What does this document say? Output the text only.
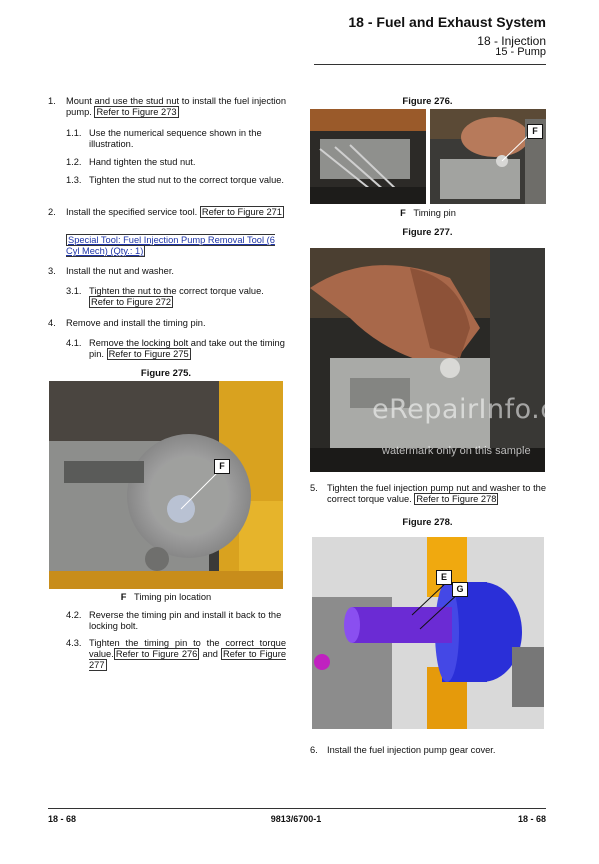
18 - Fuel and Exhaust System
18 - Injection
15 - Pump
1. Mount and use the stud nut to install the fuel injection pump. Refer to Figure 273
1.1. Use the numerical sequence shown in the illustration.
1.2. Hand tighten the stud nut.
1.3. Tighten the stud nut to the correct torque value.
2. Install the specified service tool. Refer to Figure 271
Special Tool: Fuel Injection Pump Removal Tool (6 Cyl Mech) (Qty.: 1)
3. Install the nut and washer.
3.1. Tighten the nut to the correct torque value. Refer to Figure 272
4. Remove and install the timing pin.
4.1. Remove the locking bolt and take out the timing pin. Refer to Figure 275
Figure 275.
F
F Timing pin location
4.2. Reverse the timing pin and install it back to the locking bolt.
4.3. Tighten the timing pin to the correct torque value. Refer to Figure 276 and Refer to Figure 277
Figure 276.
F
F Timing pin
Figure 277.
eRepairInfo.com
watermark only on this sample
5. Tighten the fuel injection pump nut and washer to the correct torque value. Refer to Figure 278
Figure 278.
E
G
6. Install the fuel injection pump gear cover.
18 - 68	9813/6700-1	18 - 68
